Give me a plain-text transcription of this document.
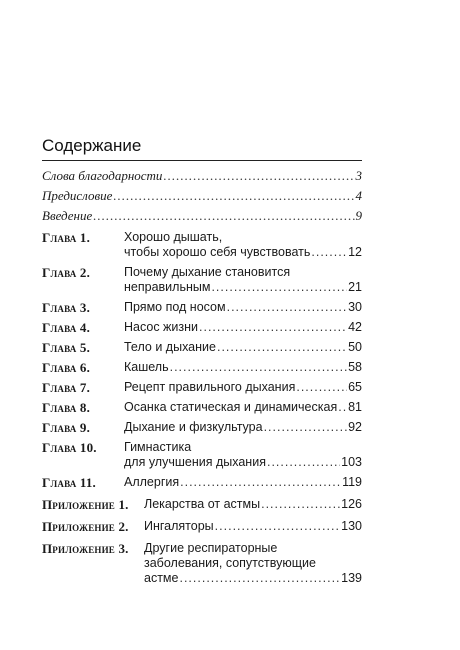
Содержание
Слова благодарности .....	3
Предисловие .....	4
Введение .....	9
Глава 1.	Хорошо дышать,
чтобы хорошо себя чувствовать .....	12
Глава 2.	Почему дыхание становится
неправильным .....	21
Глава 3.	Прямо под носом .....	30
Глава 4.	Насос жизни .....	42
Глава 5.	Тело и дыхание .....	50
Глава 6.	Кашель .....	58
Глава 7.	Рецепт правильного дыхания .....	65
Глава 8.	Осанка статическая и динамическая ..... 81
Глава 9.	Дыхание и физкультура .....	92
Глава 10.	Гимнастика
для улучшения дыхания .....	103
Глава 11.	Аллергия .....	119
Приложение 1.	Лекарства от астмы .....	126
Приложение 2.	Ингаляторы .....	130
Приложение 3.	Другие респираторные
заболевания, сопутствующие
астме .....	139
